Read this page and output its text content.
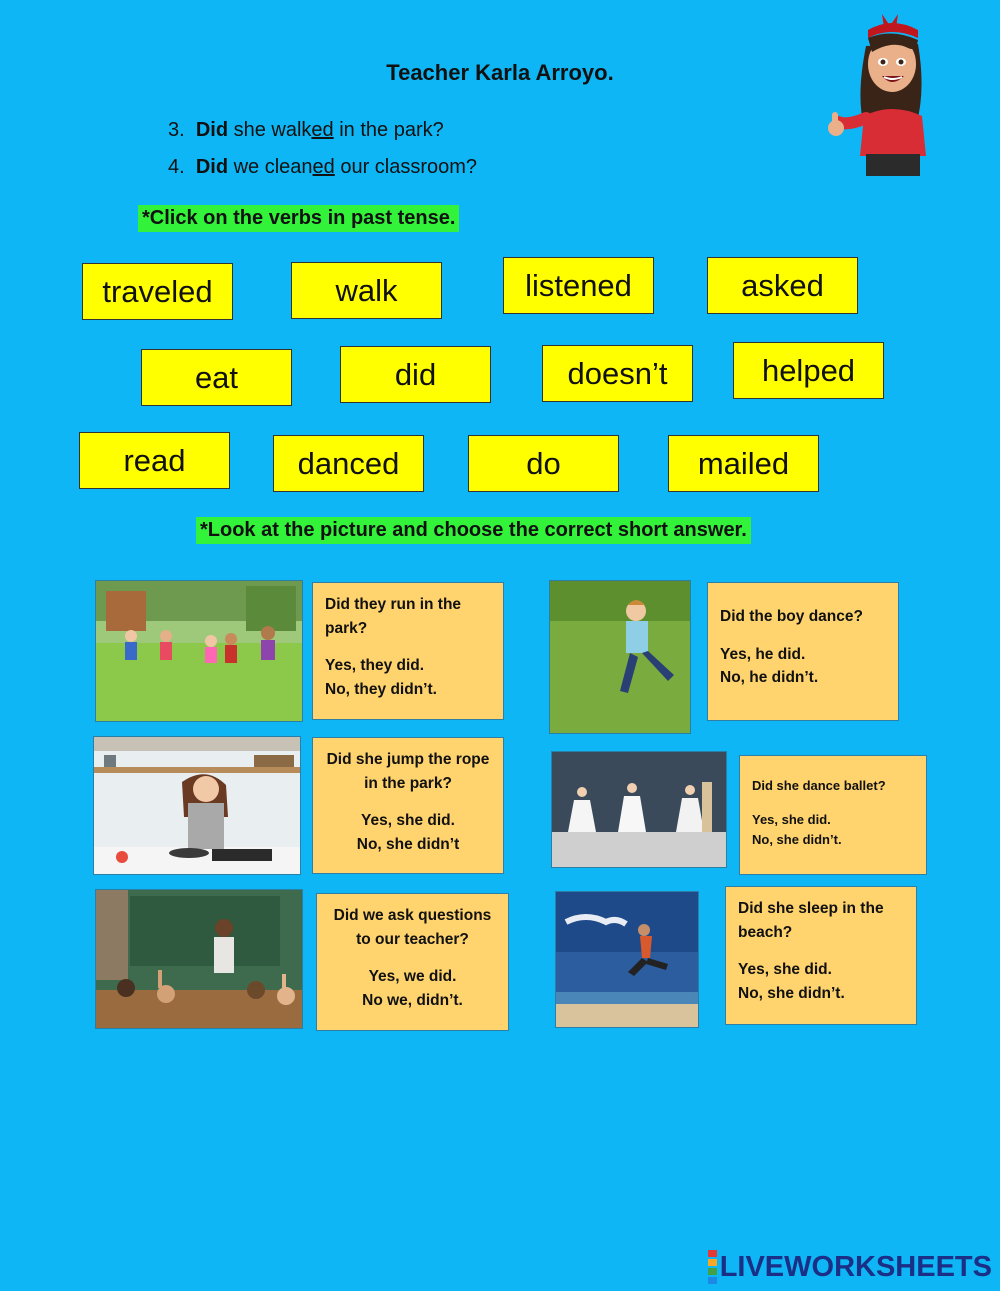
Teacher Karla Arroyo.
3. Did she walked in the park?
4. Did we cleaned our classroom?
*Click on the verbs in past tense.
traveled	walk	listened	asked
eat	did	doesn’t	helped
read	danced	do	mailed
*Look at the picture and choose the correct short answer.
Did they run in the
park?
Yes, they did.
No, they didn’t.
Did the boy dance?
Yes, he did.
No, he didn’t.
Did she jump the rope
in the park?
Yes, she did.
No, she didn’t
Did she dance ballet?
Yes, she did.
No, she didn’t.
Did we ask questions
to our teacher?
Yes, we did.
No we, didn’t.
Did she sleep in the
beach?
Yes, she did.
No, she didn’t.
LIVEWORKSHEETS
